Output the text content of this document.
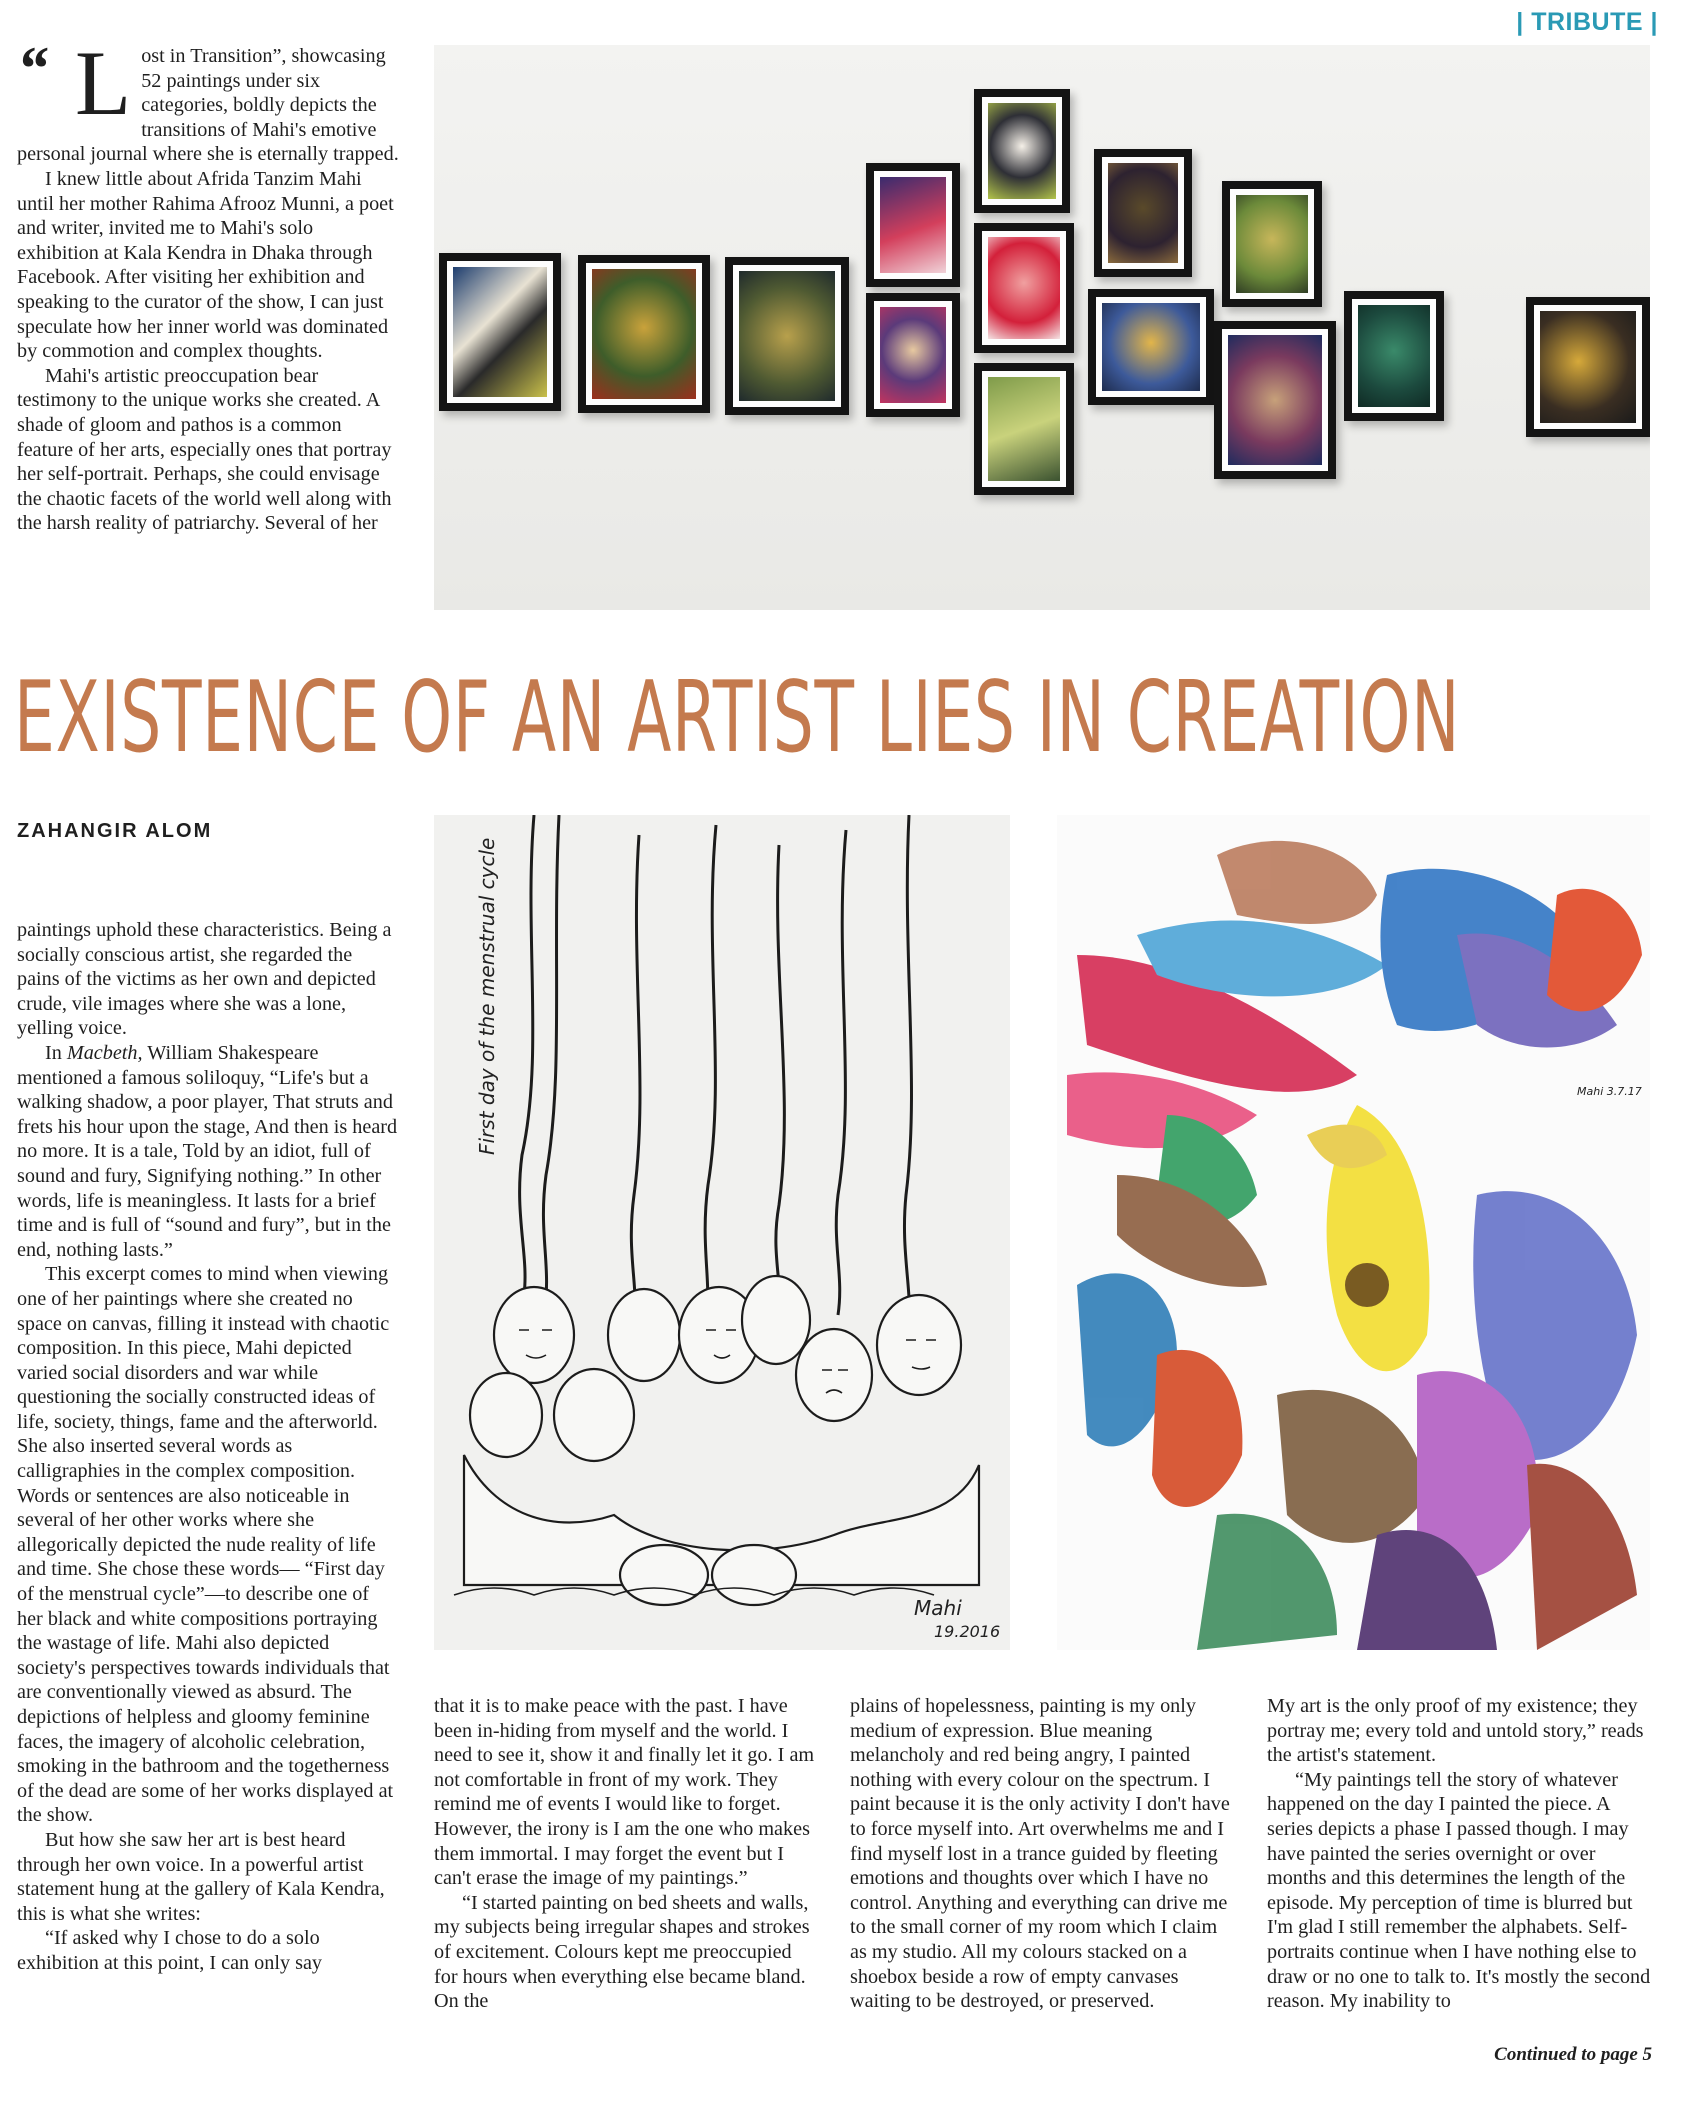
| TRIBUTE |
“ L ost in Transition”, showcasing 52 paintings under six categories, boldly depicts the transitions of Mahi's emotive personal journal where she is eternally trapped.

I knew little about Afrida Tanzim Mahi until her mother Rahima Afrooz Munni, a poet and writer, invited me to Mahi's solo exhibition at Kala Kendra in Dhaka through Facebook. After visiting her exhibition and speaking to the curator of the show, I can just speculate how her inner world was dominated by commotion and complex thoughts.

Mahi's artistic preoccupation bear testimony to the unique works she created. A shade of gloom and pathos is a common feature of her arts, especially ones that portray her self-portrait. Perhaps, she could envisage the chaotic facets of the world well along with the harsh reality of patriarchy. Several of her

EXISTENCE OF AN ARTIST LIES IN CREATION
ZAHANGIR ALOM

paintings uphold these characteristics. Being a socially conscious artist, she regarded the pains of the victims as her own and depicted crude, vile images where she was a lone, yelling voice.

In Macbeth, William Shakespeare mentioned a famous soliloquy, “Life's but a walking shadow, a poor player, That struts and frets his hour upon the stage, And then is heard no more. It is a tale, Told by an idiot, full of sound and fury, Signifying nothing.” In other words, life is meaningless. It lasts for a brief time and is full of “sound and fury”, but in the end, nothing lasts.”

This excerpt comes to mind when viewing one of her paintings where she created no space on canvas, filling it instead with chaotic composition. In this piece, Mahi depicted varied social disorders and war while questioning the socially constructed ideas of life, society, things, fame and the afterworld. She also inserted several words as calligraphies in the complex composition. Words or sentences are also noticeable in several of her other works where she allegorically depicted the nude reality of life and time. She chose these words— “First day of the menstrual cycle”—to describe one of her black and white compositions portraying the wastage of life. Mahi also depicted society's perspectives towards individuals that are conventionally viewed as absurd. The depictions of helpless and gloomy feminine faces, the imagery of alcoholic celebration, smoking in the bathroom and the togetherness of the dead are some of her works displayed at the show.

But how she saw her art is best heard through her own voice. In a powerful artist statement hung at the gallery of Kala Kendra, this is what she writes:

“If asked why I chose to do a solo exhibition at this point, I can only say

First day of the menstrual cycle
Mahi
19.2016
Mahi 3.7.17

that it is to make peace with the past. I have been in-hiding from myself and the world. I need to see it, show it and finally let it go. I am not comfortable in front of my work. They remind me of events I would like to forget. However, the irony is I am the one who makes them immortal. I may forget the event but I can't erase the image of my paintings.”

“I started painting on bed sheets and walls, my subjects being irregular shapes and strokes of excitement. Colours kept me preoccupied for hours when everything else became bland. On the

plains of hopelessness, painting is my only medium of expression. Blue meaning melancholy and red being angry, I painted nothing with every colour on the spectrum. I paint because it is the only activity I don't have to force myself into. Art overwhelms me and I find myself lost in a trance guided by fleeting emotions and thoughts over which I have no control. Anything and everything can drive me to the small corner of my room which I claim as my studio. All my colours stacked on a shoebox beside a row of empty canvases waiting to be destroyed, or preserved.

My art is the only proof of my existence; they portray me; every told and untold story,” reads the artist's statement.

“My paintings tell the story of whatever happened on the day I painted the piece. A series depicts a phase I passed though. I may have painted the series overnight or over months and this determines the length of the episode. My perception of time is blurred but I'm glad I still remember the alphabets. Self-portraits continue when I have nothing else to draw or no one to talk to. It's mostly the second reason. My inability to

Continued to page 5
